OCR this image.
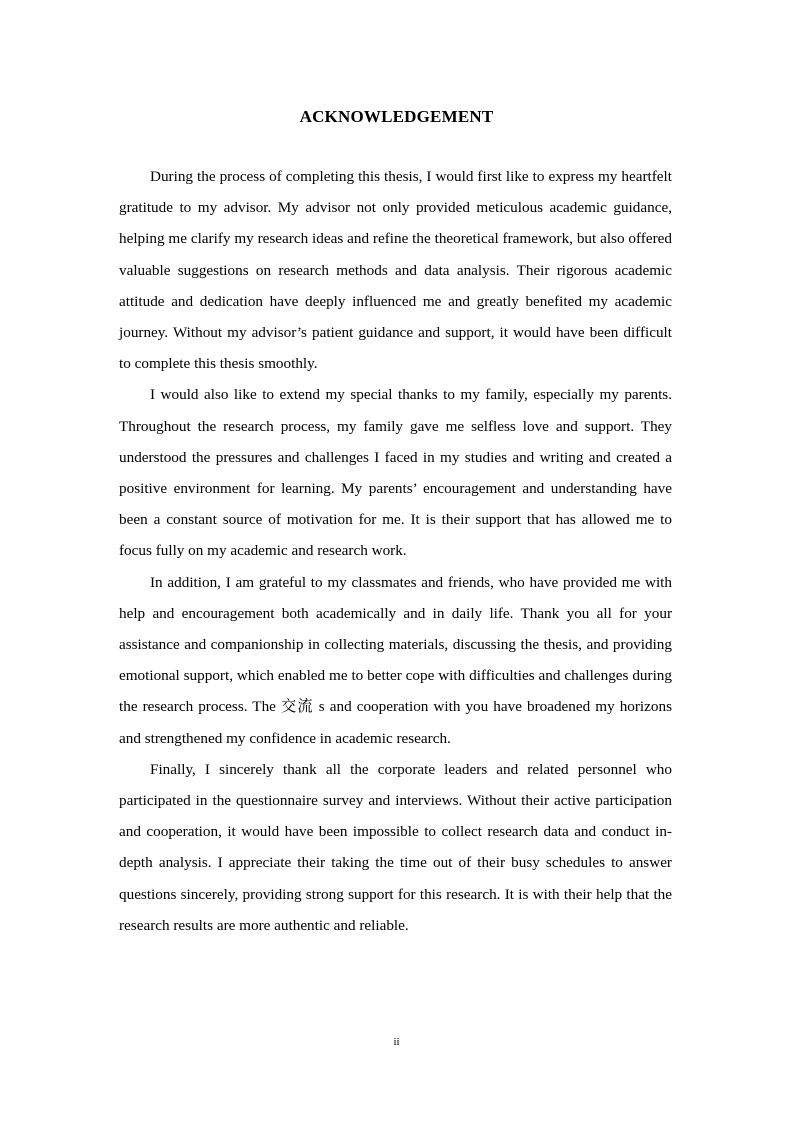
ACKNOWLEDGEMENT

During the process of completing this thesis, I would first like to express my heartfelt gratitude to my advisor. My advisor not only provided meticulous academic guidance, helping me clarify my research ideas and refine the theoretical framework, but also offered valuable suggestions on research methods and data analysis. Their rigorous academic attitude and dedication have deeply influenced me and greatly benefited my academic journey. Without my advisor’s patient guidance and support, it would have been difficult to complete this thesis smoothly.

I would also like to extend my special thanks to my family, especially my parents. Throughout the research process, my family gave me selfless love and support. They understood the pressures and challenges I faced in my studies and writing and created a positive environment for learning. My parents’ encouragement and understanding have been a constant source of motivation for me. It is their support that has allowed me to focus fully on my academic and research work.

In addition, I am grateful to my classmates and friends, who have provided me with help and encouragement both academically and in daily life. Thank you all for your assistance and companionship in collecting materials, discussing the thesis, and providing emotional support, which enabled me to better cope with difficulties and challenges during the research process. The 交流 s and cooperation with you have broadened my horizons and strengthened my confidence in academic research.

Finally, I sincerely thank all the corporate leaders and related personnel who participated in the questionnaire survey and interviews. Without their active participation and cooperation, it would have been impossible to collect research data and conduct in-depth analysis. I appreciate their taking the time out of their busy schedules to answer questions sincerely, providing strong support for this research. It is with their help that the research results are more authentic and reliable.

ii
